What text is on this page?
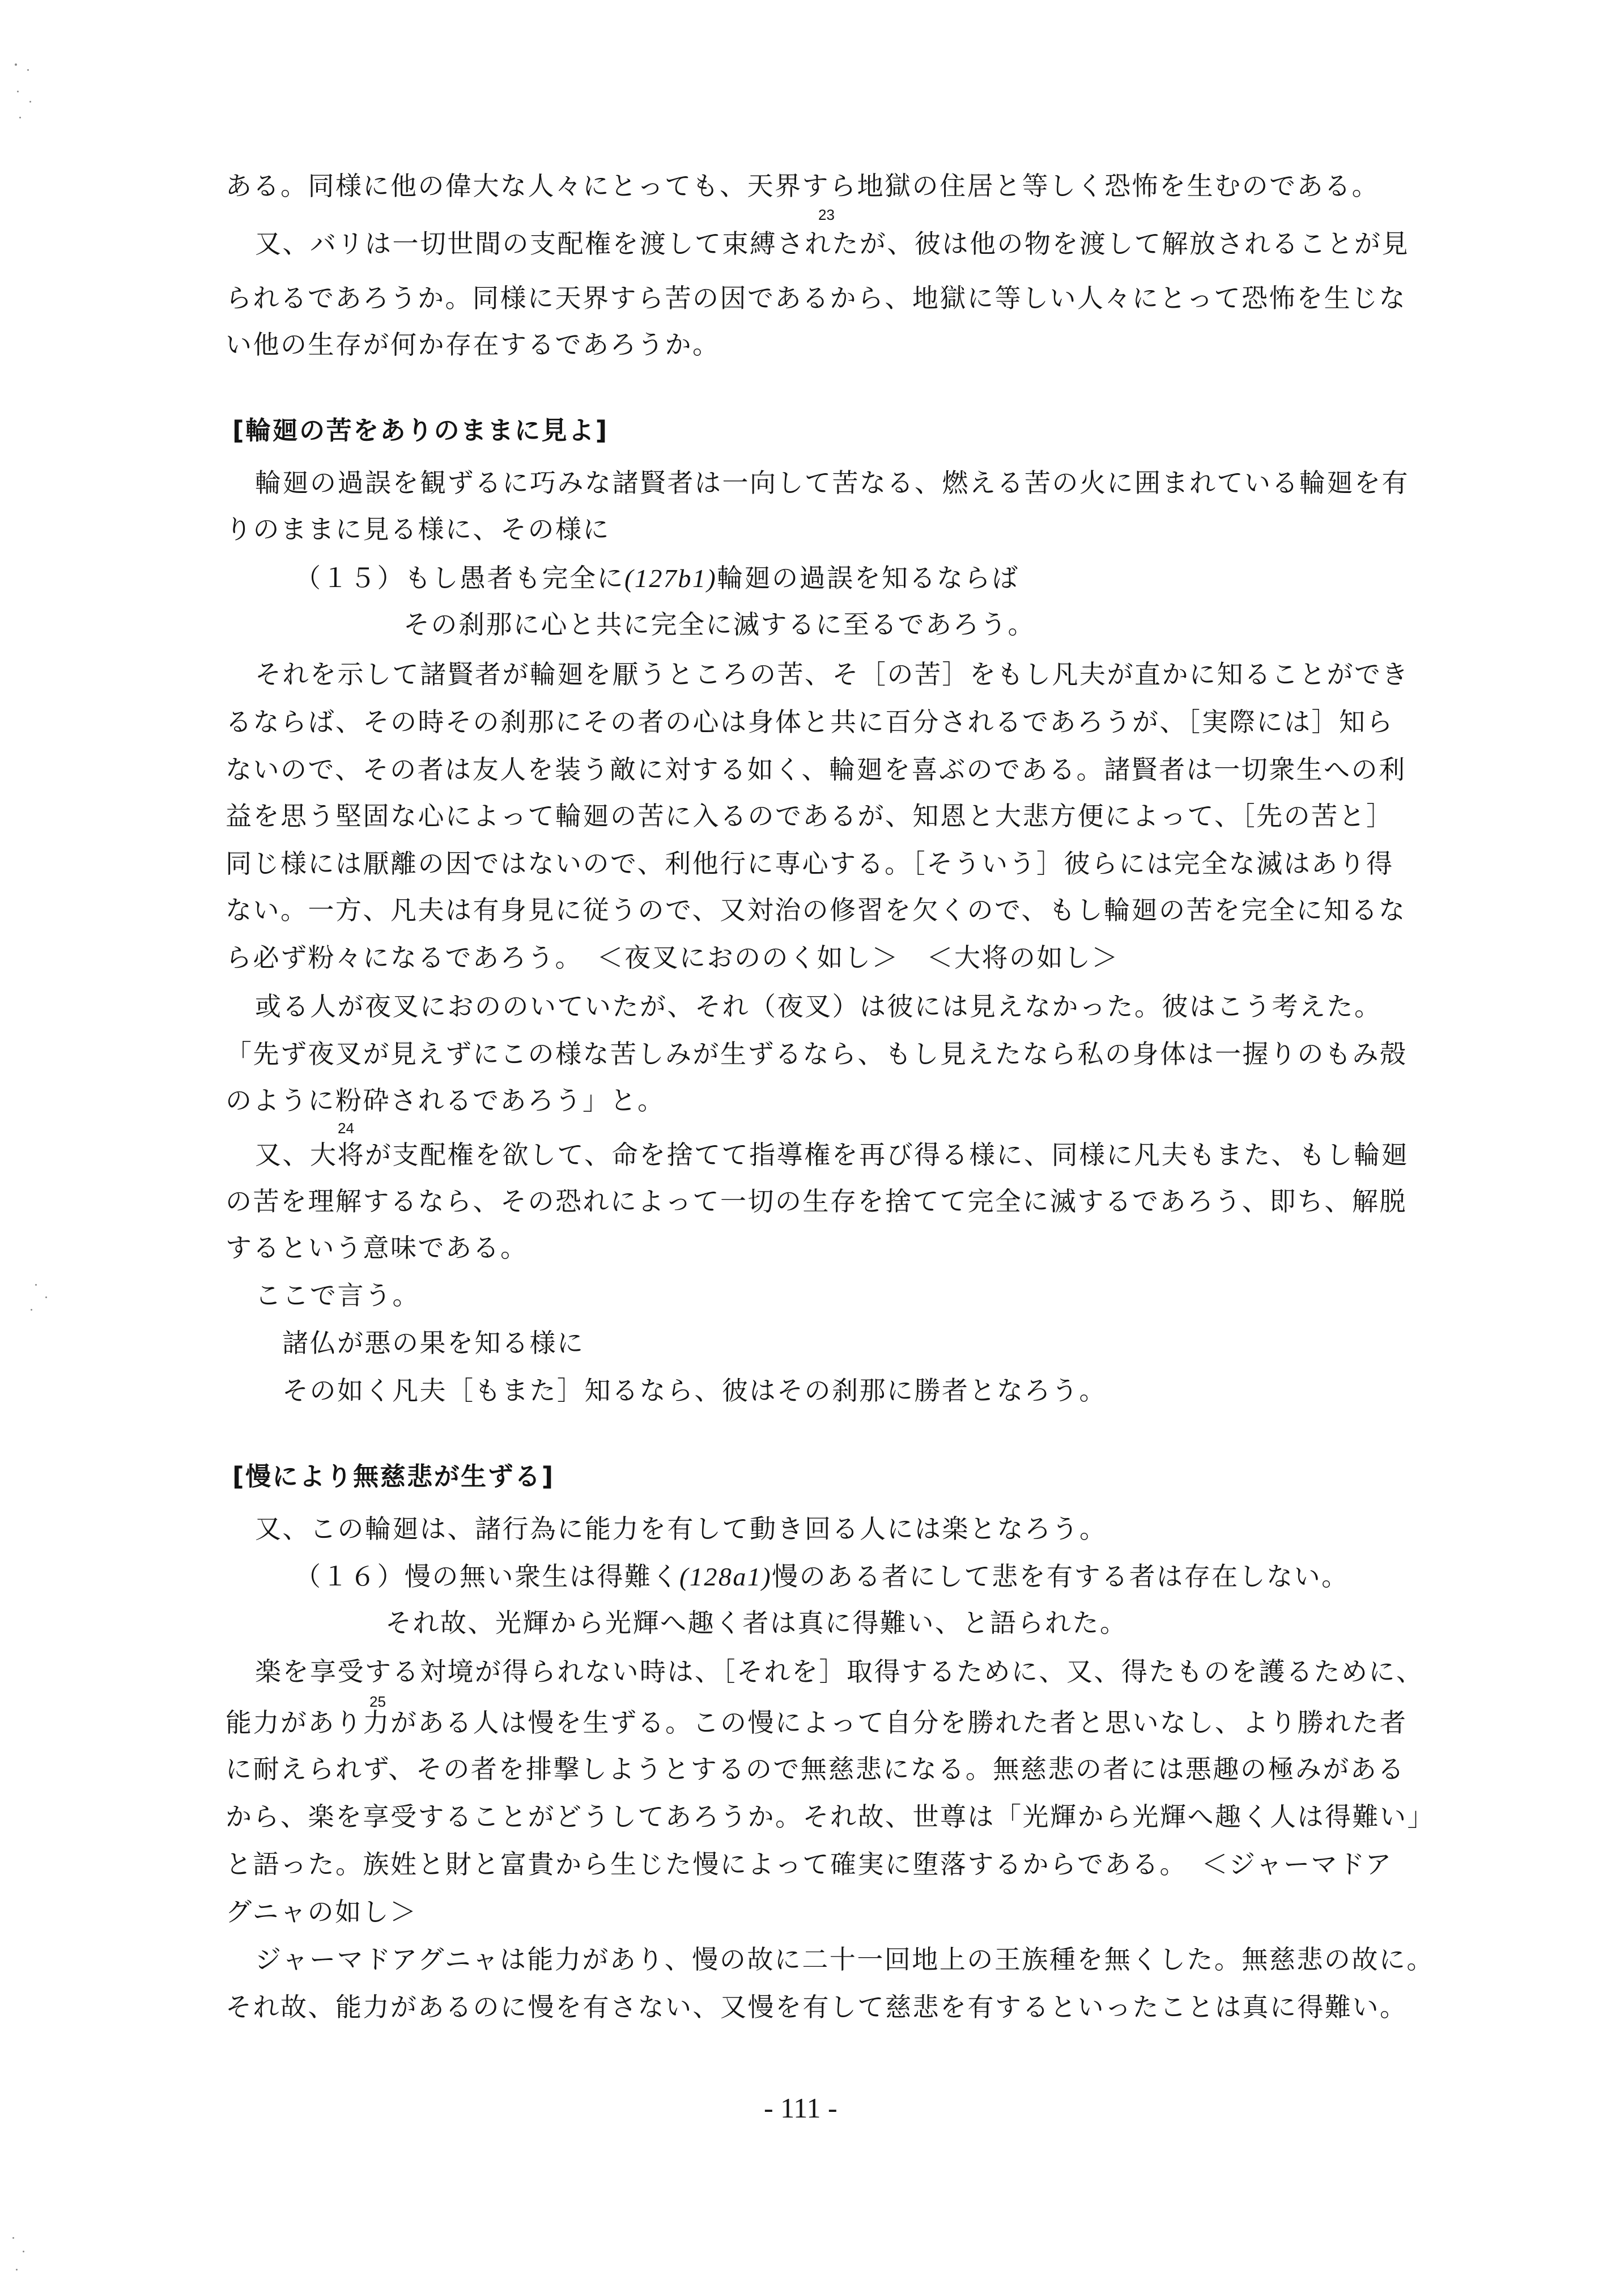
ある。同様に他の偉大な人々にとっても、天界すら地獄の住居と等しく恐怖を生むのである。
又、バリは一切世間の支配権を渡して束縛されたが、彼は他の物を渡して解放されることが見
られるであろうか。同様に天界すら苦の因であるから、地獄に等しい人々にとって恐怖を生じな
い他の生存が何か存在するであろうか。
[輪廻の苦をありのままに見よ]
輪廻の過誤を観ずるに巧みな諸賢者は一向して苦なる、燃える苦の火に囲まれている輪廻を有
りのままに見る様に、その様に
（１５）もし愚者も完全に(127b1)輪廻の過誤を知るならば
その刹那に心と共に完全に滅するに至るであろう。
それを示して諸賢者が輪廻を厭うところの苦、そ［の苦］をもし凡夫が直かに知ることができ
るならば、その時その刹那にその者の心は身体と共に百分されるであろうが、［実際には］知ら
ないので、その者は友人を装う敵に対する如く、輪廻を喜ぶのである。諸賢者は一切衆生への利
益を思う堅固な心によって輪廻の苦に入るのであるが、知恩と大悲方便によって、［先の苦と］
同じ様には厭離の因ではないので、利他行に専心する。［そういう］彼らには完全な滅はあり得
ない。一方、凡夫は有身見に従うので、又対治の修習を欠くので、もし輪廻の苦を完全に知るな
ら必ず粉々になるであろう。　＜夜叉におののく如し＞　＜大将の如し＞
或る人が夜叉におののいていたが、それ（夜叉）は彼には見えなかった。彼はこう考えた。
「先ず夜叉が見えずにこの様な苦しみが生ずるなら、もし見えたなら私の身体は一握りのもみ殻
のように粉砕されるであろう」と。
又、大将が支配権を欲して、命を捨てて指導権を再び得る様に、同様に凡夫もまた、もし輪廻
の苦を理解するなら、その恐れによって一切の生存を捨てて完全に滅するであろう、即ち、解脱
するという意味である。
ここで言う。
諸仏が悪の果を知る様に
その如く凡夫［もまた］知るなら、彼はその刹那に勝者となろう。
[慢により無慈悲が生ずる]
又、この輪廻は、諸行為に能力を有して動き回る人には楽となろう。
（１６）慢の無い衆生は得難く(128a1)慢のある者にして悲を有する者は存在しない。
それ故、光輝から光輝へ趣く者は真に得難い、と語られた。
楽を享受する対境が得られない時は、［それを］取得するために、又、得たものを護るために、
能力があり力がある人は慢を生ずる。この慢によって自分を勝れた者と思いなし、より勝れた者
に耐えられず、その者を排撃しようとするので無慈悲になる。無慈悲の者には悪趣の極みがある
から、楽を享受することがどうしてあろうか。それ故、世尊は「光輝から光輝へ趣く人は得難い」
と語った。族姓と財と富貴から生じた慢によって確実に堕落するからである。　＜ジャーマドア
グニャの如し＞
ジャーマドアグニャは能力があり、慢の故に二十一回地上の王族種を無くした。無慈悲の故に。
それ故、能力があるのに慢を有さない、又慢を有して慈悲を有するといったことは真に得難い。
23
24
25
- 111 -
